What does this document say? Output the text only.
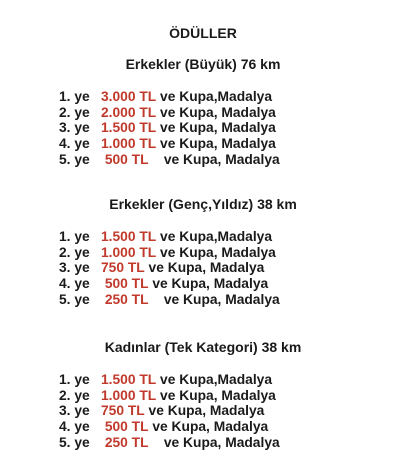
ÖDÜLLER
Erkekler (Büyük) 76 km
1. ye 3.000 TL ve Kupa,Madalya
2. ye 2.000 TL ve Kupa, Madalya
3. ye 1.500 TL ve Kupa, Madalya
4. ye 1.000 TL ve Kupa, Madalya
5. ye 500 TL    ve Kupa, Madalya
Erkekler (Genç,Yıldız) 38 km
1. ye 1.500 TL ve Kupa,Madalya
2. ye 1.000 TL ve Kupa, Madalya
3. ye 750 TL ve Kupa, Madalya
4. ye 500 TL ve Kupa, Madalya
5. ye 250 TL    ve Kupa, Madalya
Kadınlar (Tek Kategori) 38 km
1. ye 1.500 TL ve Kupa,Madalya
2. ye 1.000 TL ve Kupa, Madalya
3. ye 750 TL ve Kupa, Madalya
4. ye 500 TL ve Kupa, Madalya
5. ye 250 TL    ve Kupa, Madalya
